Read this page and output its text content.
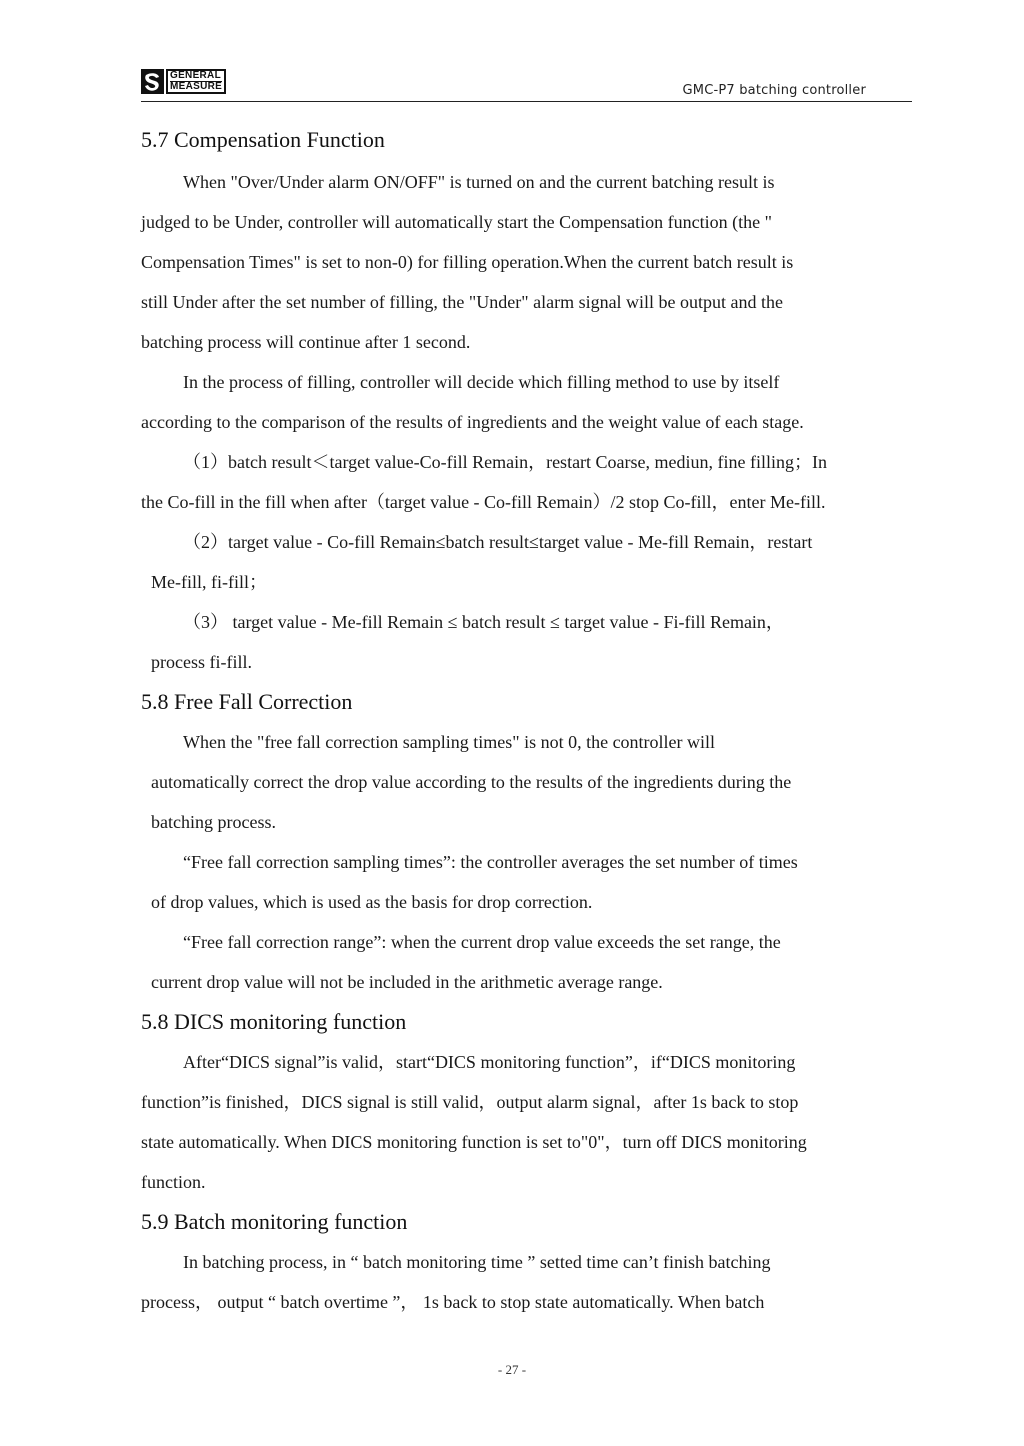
GENERAL
MEASURE	GMC-P7 batching controller
5.7 Compensation Function

When "Over/Under alarm ON/OFF" is turned on and the current batching result is

judged to be Under, controller will automatically start the Compensation function (the "

Compensation Times" is set to non-0) for filling operation.When the current batch result is

still Under after the set number of filling, the "Under" alarm signal will be output and the

batching process will continue after 1 second.

In the process of filling, controller will decide which filling method to use by itself

according to the comparison of the results of ingredients and the weight value of each stage.

（1）batch result＜target value-Co-fill Remain，restart Coarse, mediun, fine filling；In

the Co-fill in the fill when after（target value - Co-fill Remain）/2 stop Co-fill，enter Me-fill.

（2）target value - Co-fill Remain≤batch result≤target value - Me-fill Remain，restart

Me-fill, fi-fill；

（3） target value - Me-fill Remain ≤ batch result ≤ target value - Fi-fill Remain，

process fi-fill.

5.8 Free Fall Correction

When the "free fall correction sampling times" is not 0, the controller will

automatically correct the drop value according to the results of the ingredients during the

batching process.

“Free fall correction sampling times”: the controller averages the set number of times

of drop values, which is used as the basis for drop correction.

“Free fall correction range”: when the current drop value exceeds the set range, the

current drop value will not be included in the arithmetic average range.

5.8 DICS monitoring function

After“DICS signal”is valid，start“DICS monitoring function”，if“DICS monitoring

function”is finished，DICS signal is still valid，output alarm signal，after 1s back to stop

state automatically. When DICS monitoring function is set to"0"，turn off DICS monitoring

function.

5.9 Batch monitoring function

In batching process, in “ batch monitoring time ” setted time can’t finish batching

process， output “ batch overtime ”， 1s back to stop state automatically. When batch

- 27 -
